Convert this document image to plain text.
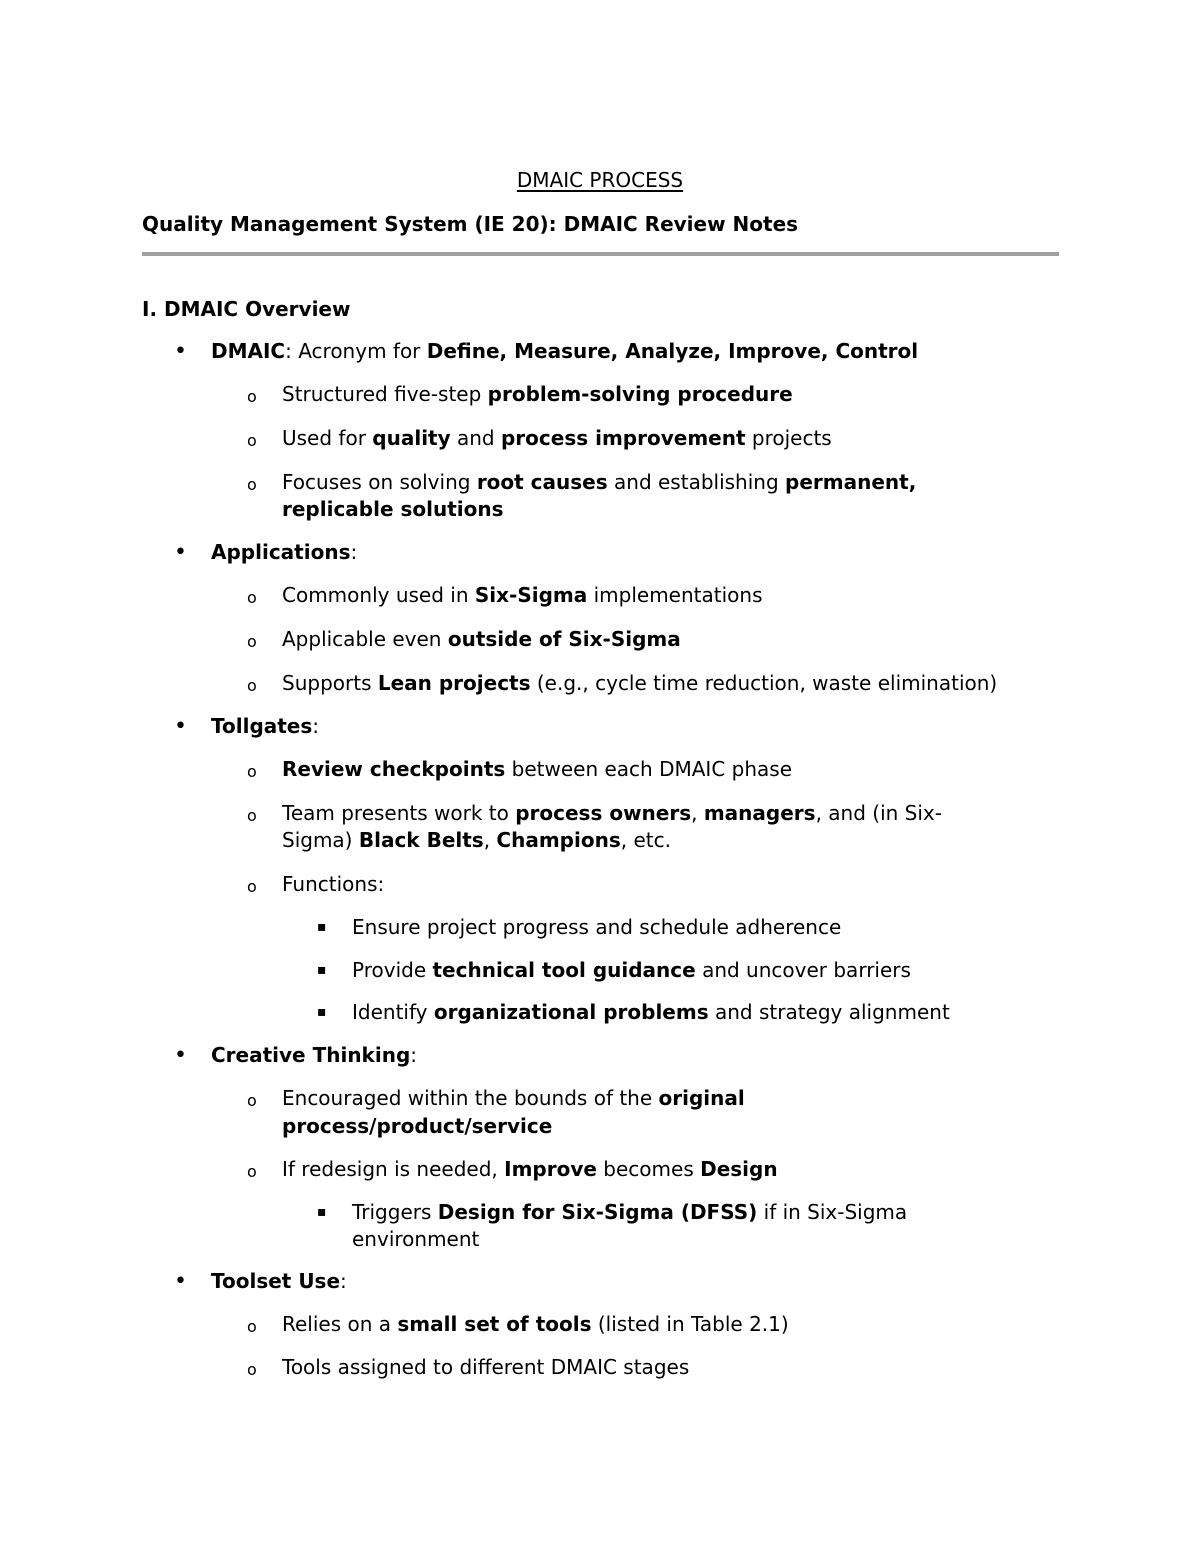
DMAIC PROCESS
Quality Management System (IE 20): DMAIC Review Notes
I. DMAIC Overview
• DMAIC: Acronym for Define, Measure, Analyze, Improve, Control
o Structured five-step problem-solving procedure
o Used for quality and process improvement projects
o Focuses on solving root causes and establishing permanent,
replicable solutions
• Applications:
o Commonly used in Six-Sigma implementations
o Applicable even outside of Six-Sigma
o Supports Lean projects (e.g., cycle time reduction, waste elimination)
• Tollgates:
o Review checkpoints between each DMAIC phase
o Team presents work to process owners, managers, and (in Six-
Sigma) Black Belts, Champions, etc.
o Functions:
▪ Ensure project progress and schedule adherence
▪ Provide technical tool guidance and uncover barriers
▪ Identify organizational problems and strategy alignment
• Creative Thinking:
o Encouraged within the bounds of the original
process/product/service
o If redesign is needed, Improve becomes Design
▪ Triggers Design for Six-Sigma (DFSS) if in Six-Sigma
environment
• Toolset Use:
o Relies on a small set of tools (listed in Table 2.1)
o Tools assigned to different DMAIC stages
